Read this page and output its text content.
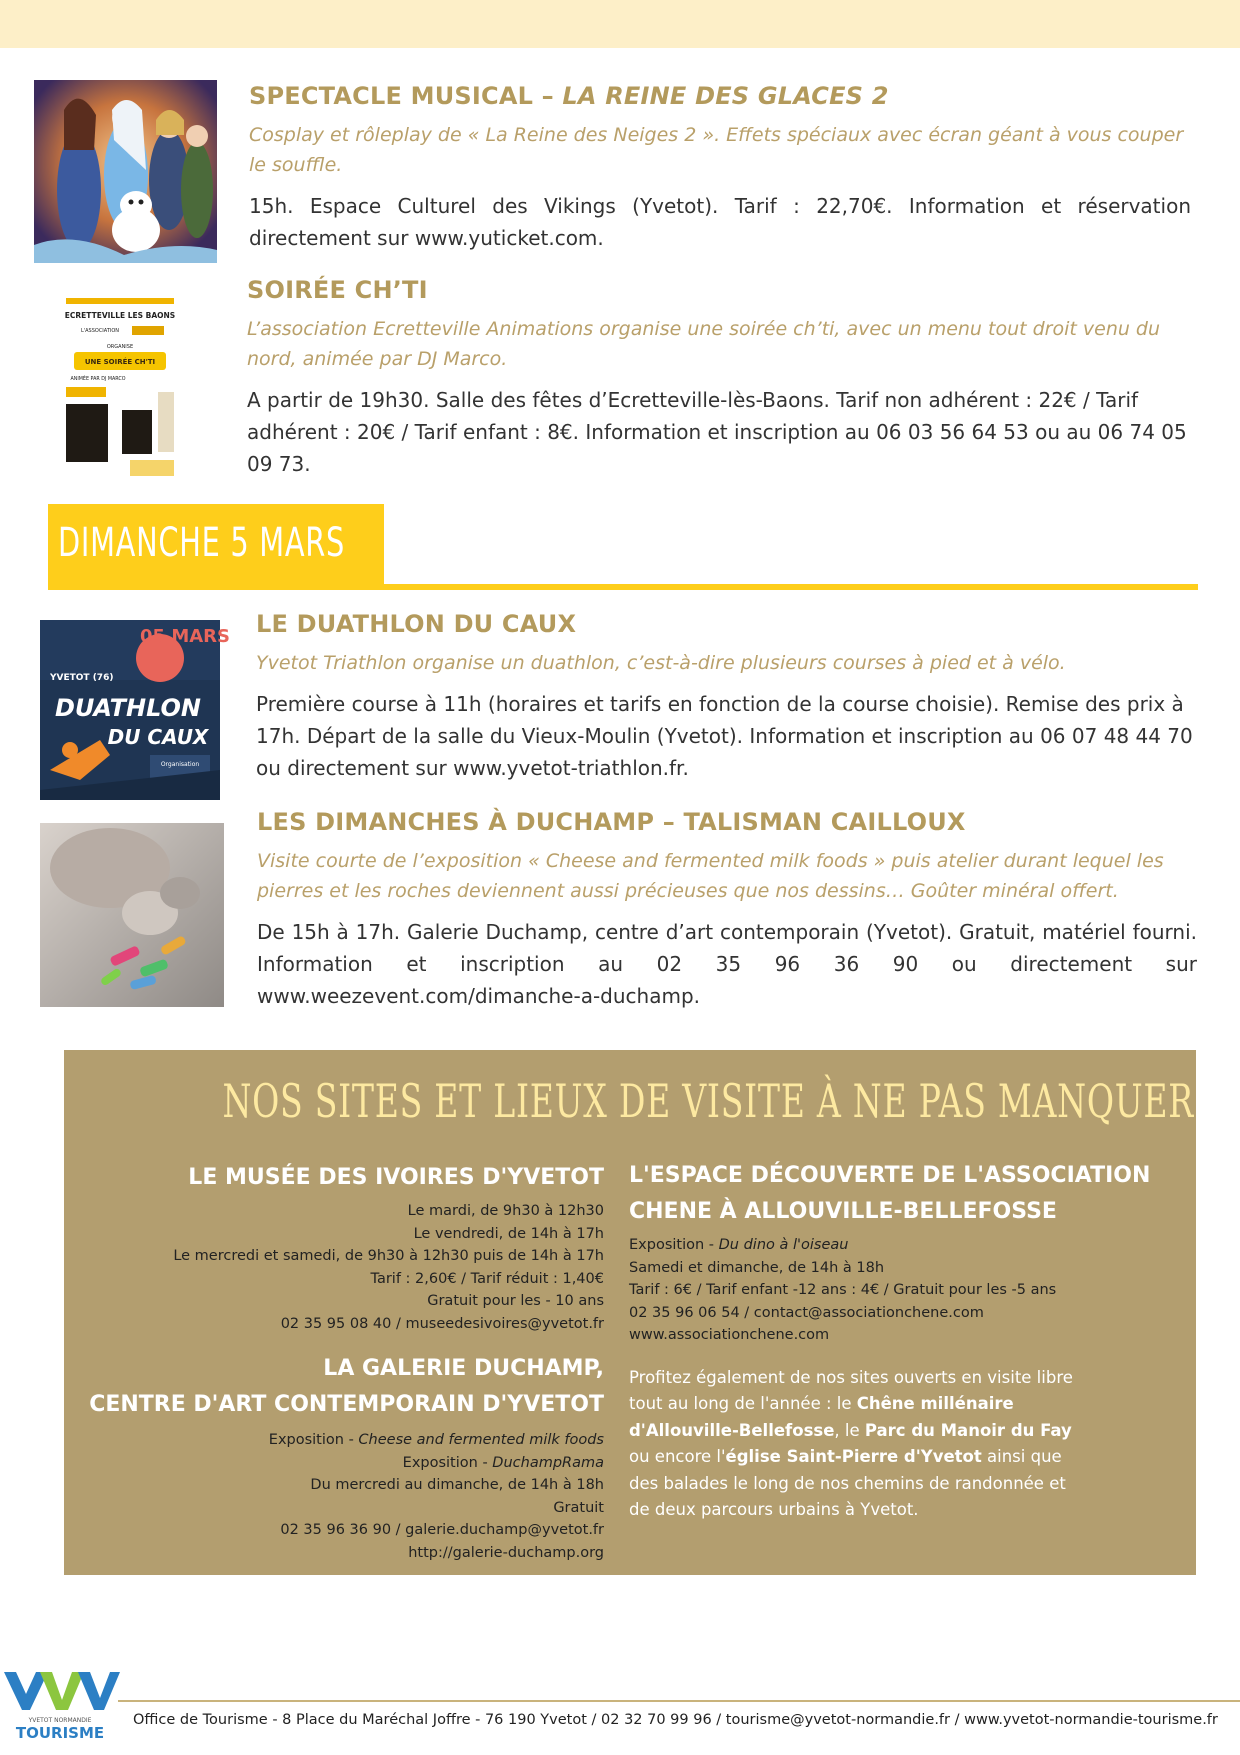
SPECTACLE MUSICAL – LA REINE DES GLACES 2

Cosplay et rôleplay de « La Reine des Neiges 2 ». Effets spéciaux avec écran géant à vous couper le souffle.

15h. Espace Culturel des Vikings (Yvetot). Tarif : 22,70€. Information et réservation directement sur www.yuticket.com.

ECRETTEVILLE LES BAONS
L'ASSOCIATION
ORGANISE
UNE SOIRÉE CH'TI
ANIMÉE PAR DJ MARCO

SOIRÉE CH’TI

L’association Ecretteville Animations organise une soirée ch’ti, avec un menu tout droit venu du nord, animée par DJ Marco.

A partir de 19h30. Salle des fêtes d’Ecretteville-lès-Baons. Tarif non adhérent : 22€ / Tarif adhérent : 20€ / Tarif enfant : 8€. Information et inscription au 06 03 56 64 53 ou au 06 74 05 09 73.

DIMANCHE 5 MARS
05 MARS
YVETOT (76)
DUATHLON
DU CAUX
Organisation

LE DUATHLON DU CAUX

Yvetot Triathlon organise un duathlon, c’est-à-dire plusieurs courses à pied et à vélo.

Première course à 11h (horaires et tarifs en fonction de la course choisie). Remise des prix à 17h. Départ de la salle du Vieux-Moulin (Yvetot). Information et inscription au 06 07 48 44 70 ou directement sur www.yvetot-triathlon.fr.

LES DIMANCHES À DUCHAMP – TALISMAN CAILLOUX

Visite courte de l’exposition « Cheese and fermented milk foods » puis atelier durant lequel les pierres et les roches deviennent aussi précieuses que nos dessins… Goûter minéral offert.

De 15h à 17h. Galerie Duchamp, centre d’art contemporain (Yvetot). Gratuit, matériel fourni. Information et inscription au 02 35 96 36 90 ou directement sur www.weezevent.com/dimanche-a-duchamp.

NOS SITES ET LIEUX DE VISITE À NE PAS MANQUER

LE MUSÉE DES IVOIRES D'YVETOT

Le mardi, de 9h30 à 12h30

Le vendredi, de 14h à 17h

Le mercredi et samedi, de 9h30 à 12h30 puis de 14h à 17h

Tarif : 2,60€ / Tarif réduit : 1,40€

Gratuit pour les - 10 ans

02 35 95 08 40 / museedesivoires@yvetot.fr

LA GALERIE DUCHAMP,

CENTRE D'ART CONTEMPORAIN D'YVETOT

Exposition - Cheese and fermented milk foods

Exposition - DuchampRama

Du mercredi au dimanche, de 14h à 18h

Gratuit

02 35 96 36 90 / galerie.duchamp@yvetot.fr

http://galerie-duchamp.org

L'ESPACE DÉCOUVERTE DE L'ASSOCIATION

CHENE À ALLOUVILLE-BELLEFOSSE

Exposition - Du dino à l'oiseau

Samedi et dimanche, de 14h à 18h

Tarif : 6€ / Tarif enfant -12 ans : 4€ / Gratuit pour les -5 ans

02 35 96 06 54 / contact@associationchene.com

www.associationchene.com

Profitez également de nos sites ouverts en visite libre tout au long de l'année : le Chêne millénaire d'Allouville-Bellefosse, le Parc du Manoir du Fay ou encore l'église Saint-Pierre d'Yvetot ainsi que des balades le long de nos chemins de randonnée et de deux parcours urbains à Yvetot.

YVETOT NORMANDIE
TOURISME
Office de Tourisme - 8 Place du Maréchal Joffre - 76 190 Yvetot / 02 32 70 99 96 / tourisme@yvetot-normandie.fr / www.yvetot-normandie-tourisme.fr
